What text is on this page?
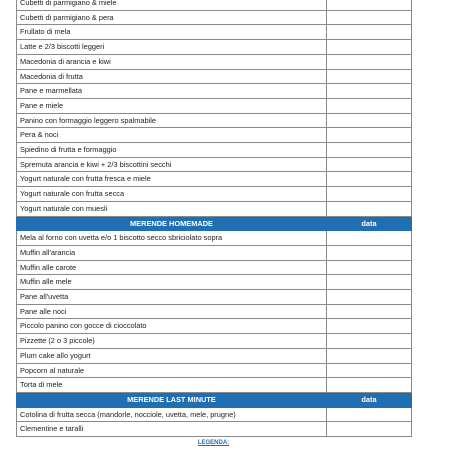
Cubetti di parmigiano & miele	
Cubetti di parmigiano & pera	
Frullato di mela	
Latte e 2/3 biscotti leggeri	
Macedonia di arancia e kiwi	
Macedonia di frutta	
Pane e marmellata	
Pane e miele	
Panino con formaggio leggero spalmabile	
Pera & noci	
Spiedino di frutta e formaggio	
Spremuta arancia e kiwi + 2/3 biscottini secchi	
Yogurt naturale con frutta fresca e miele	
Yogurt naturale con frutta secca	
Yogurt naturale con muesli	
MERENDE HOMEMADE	data
Mela al forno con uvetta e/o 1 biscotto secco sbriciolato sopra	
Muffin all'arancia	
Muffin alle carote	
Muffin alle mele	
Pane all'uvetta	
Pane alle noci	
Piccolo panino con gocce di cioccolato	
Pizzette (2 o 3 piccole)	
Plum cake allo yogurt	
Popcorn al naturale	
Torta di mele	
MERENDE LAST MINUTE	data
Cotolina di frutta secca (mandorle, nocciole, uvetta, mele, prugne)	
Clementine e taralli	
LEGENDA:
